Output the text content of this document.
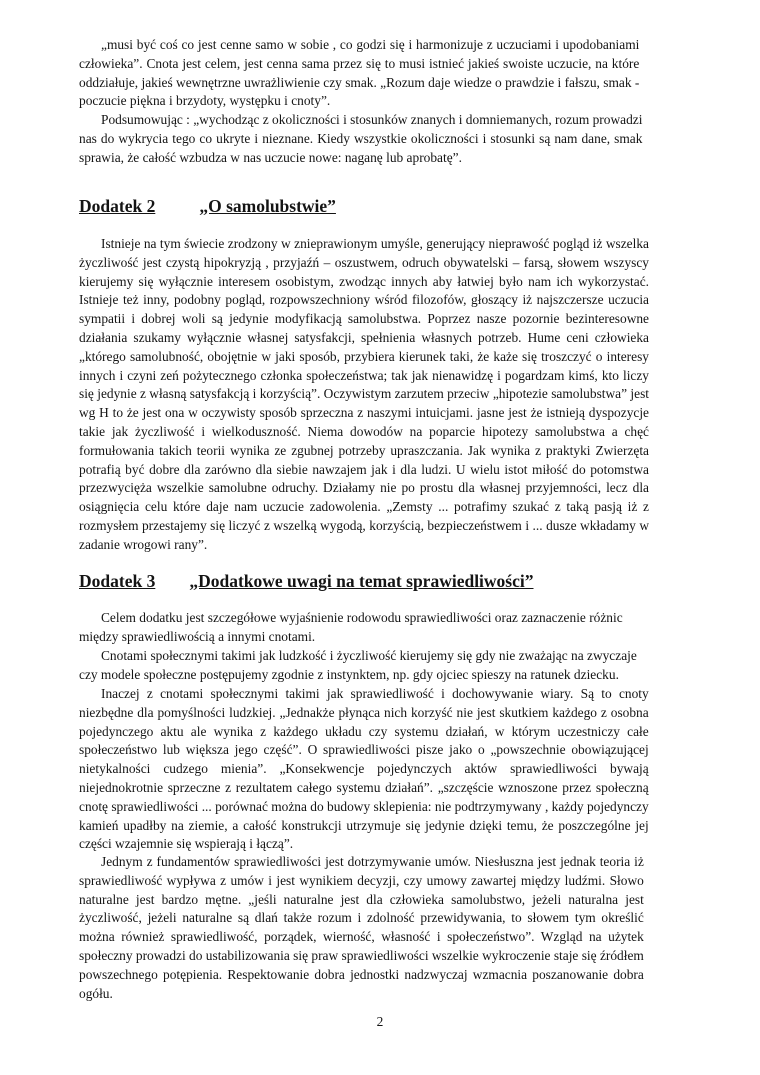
„musi być coś co jest cenne samo w sobie , co godzi się i harmonizuje z uczuciami i upodobaniami
człowieka”. Cnota jest celem, jest cenna sama przez się to musi istnieć jakieś swoiste uczucie, na które
oddziałuje, jakieś wewnętrzne uwrażliwienie czy smak. „Rozum daje wiedze o prawdzie i fałszu, smak -
poczucie piękna i brzydoty, występku i cnoty”.
Podsumowując : „wychodząc z okoliczności i stosunków znanych i domniemanych, rozum prowadzi
nas do wykrycia tego co ukryte i nieznane. Kiedy wszystkie okoliczności i stosunki są nam dane, smak
sprawia, że całość wzbudza w nas uczucie nowe: naganę lub aprobatę”.
Dodatek 2	„O samolubstwie”
Istnieje na tym świecie zrodzony w znieprawionym umyśle, generujący nieprawość pogląd iż wszelka
życzliwość jest czystą hipokryzją , przyjaźń – oszustwem, odruch obywatelski – farsą, słowem wszyscy
kierujemy się wyłącznie interesem osobistym, zwodząc innych aby łatwiej było nam ich wykorzystać.
Istnieje też inny, podobny pogląd, rozpowszechniony wśród filozofów, głoszący iż najszczersze uczucia
sympatii i dobrej woli są jedynie modyfikacją samolubstwa. Poprzez nasze pozornie bezinteresowne
działania szukamy wyłącznie własnej satysfakcji, spełnienia własnych potrzeb. Hume ceni człowieka
„którego samolubność, obojętnie w jaki sposób, przybiera kierunek taki, że każe się troszczyć o interesy
innych i czyni zeń pożytecznego członka społeczeństwa; tak jak nienawidzę i pogardzam kimś, kto liczy
się jedynie z własną satysfakcją i korzyścią”. Oczywistym zarzutem przeciw „hipotezie samolubstwa” jest
wg H to że jest ona w oczywisty sposób sprzeczna z naszymi intuicjami. jasne jest że istnieją dyspozycje
takie jak życzliwość i wielkoduszność. Niema dowodów na poparcie hipotezy samolubstwa a chęć
formułowania takich teorii wynika ze zgubnej potrzeby upraszczania. Jak wynika z praktyki Zwierzęta
potrafią być dobre dla zarówno dla siebie nawzajem jak i dla ludzi. U wielu istot miłość do potomstwa
przezwycięża wszelkie samolubne odruchy. Działamy nie po prostu dla własnej przyjemności, lecz dla
osiągnięcia celu które daje nam uczucie zadowolenia. „Zemsty ... potrafimy szukać z taką pasją iż z
rozmysłem przestajemy się liczyć z wszelką wygodą, korzyścią, bezpieczeństwem i ... dusze wkładamy w
zadanie wrogowi rany”.
Dodatek 3 „Dodatkowe uwagi na temat sprawiedliwości”
Celem dodatku jest szczegółowe wyjaśnienie rodowodu sprawiedliwości oraz zaznaczenie różnic
między sprawiedliwością a innymi cnotami.
Cnotami społecznymi takimi jak ludzkość i życzliwość kierujemy się gdy nie zważając na zwyczaje
czy modele społeczne postępujemy zgodnie z instynktem, np. gdy ojciec spieszy na ratunek dziecku.
Inaczej z cnotami społecznymi takimi jak sprawiedliwość i dochowywanie wiary. Są to cnoty
niezbędne dla pomyślności ludzkiej. „Jednakże płynąca nich korzyść nie jest skutkiem każdego z osobna
pojedynczego aktu ale wynika z każdego układu czy systemu działań, w którym uczestniczy całe
społeczeństwo lub większa jego część”. O sprawiedliwości pisze jako o „powszechnie obowiązującej
nietykalności cudzego mienia”. „Konsekwencje pojedynczych aktów sprawiedliwości bywają
niejednokrotnie sprzeczne z rezultatem całego systemu działań”. „szczęście wznoszone przez społeczną
cnotę sprawiedliwości ... porównać można do budowy sklepienia: nie podtrzymywany , każdy pojedynczy
kamień upadłby na ziemie, a całość konstrukcji utrzymuje się jedynie dzięki temu, że poszczególne jej
części wzajemnie się wspierają i łączą”.
Jednym z fundamentów sprawiedliwości jest dotrzymywanie umów. Niesłuszna jest jednak teoria iż
sprawiedliwość wypływa z umów i jest wynikiem decyzji, czy umowy zawartej między ludźmi. Słowo
naturalne jest bardzo mętne. „jeśli naturalne jest dla człowieka samolubstwo, jeżeli naturalna jest
życzliwość, jeżeli naturalne są dlań także rozum i zdolność przewidywania, to słowem tym określić
można również sprawiedliwość, porządek, wierność, własność i społeczeństwo”. Wzgląd na użytek
społeczny prowadzi do ustabilizowania się praw sprawiedliwości wszelkie wykroczenie staje się źródłem
powszechnego potępienia. Respektowanie dobra jednostki nadzwyczaj wzmacnia poszanowanie dobra
ogółu.
2
